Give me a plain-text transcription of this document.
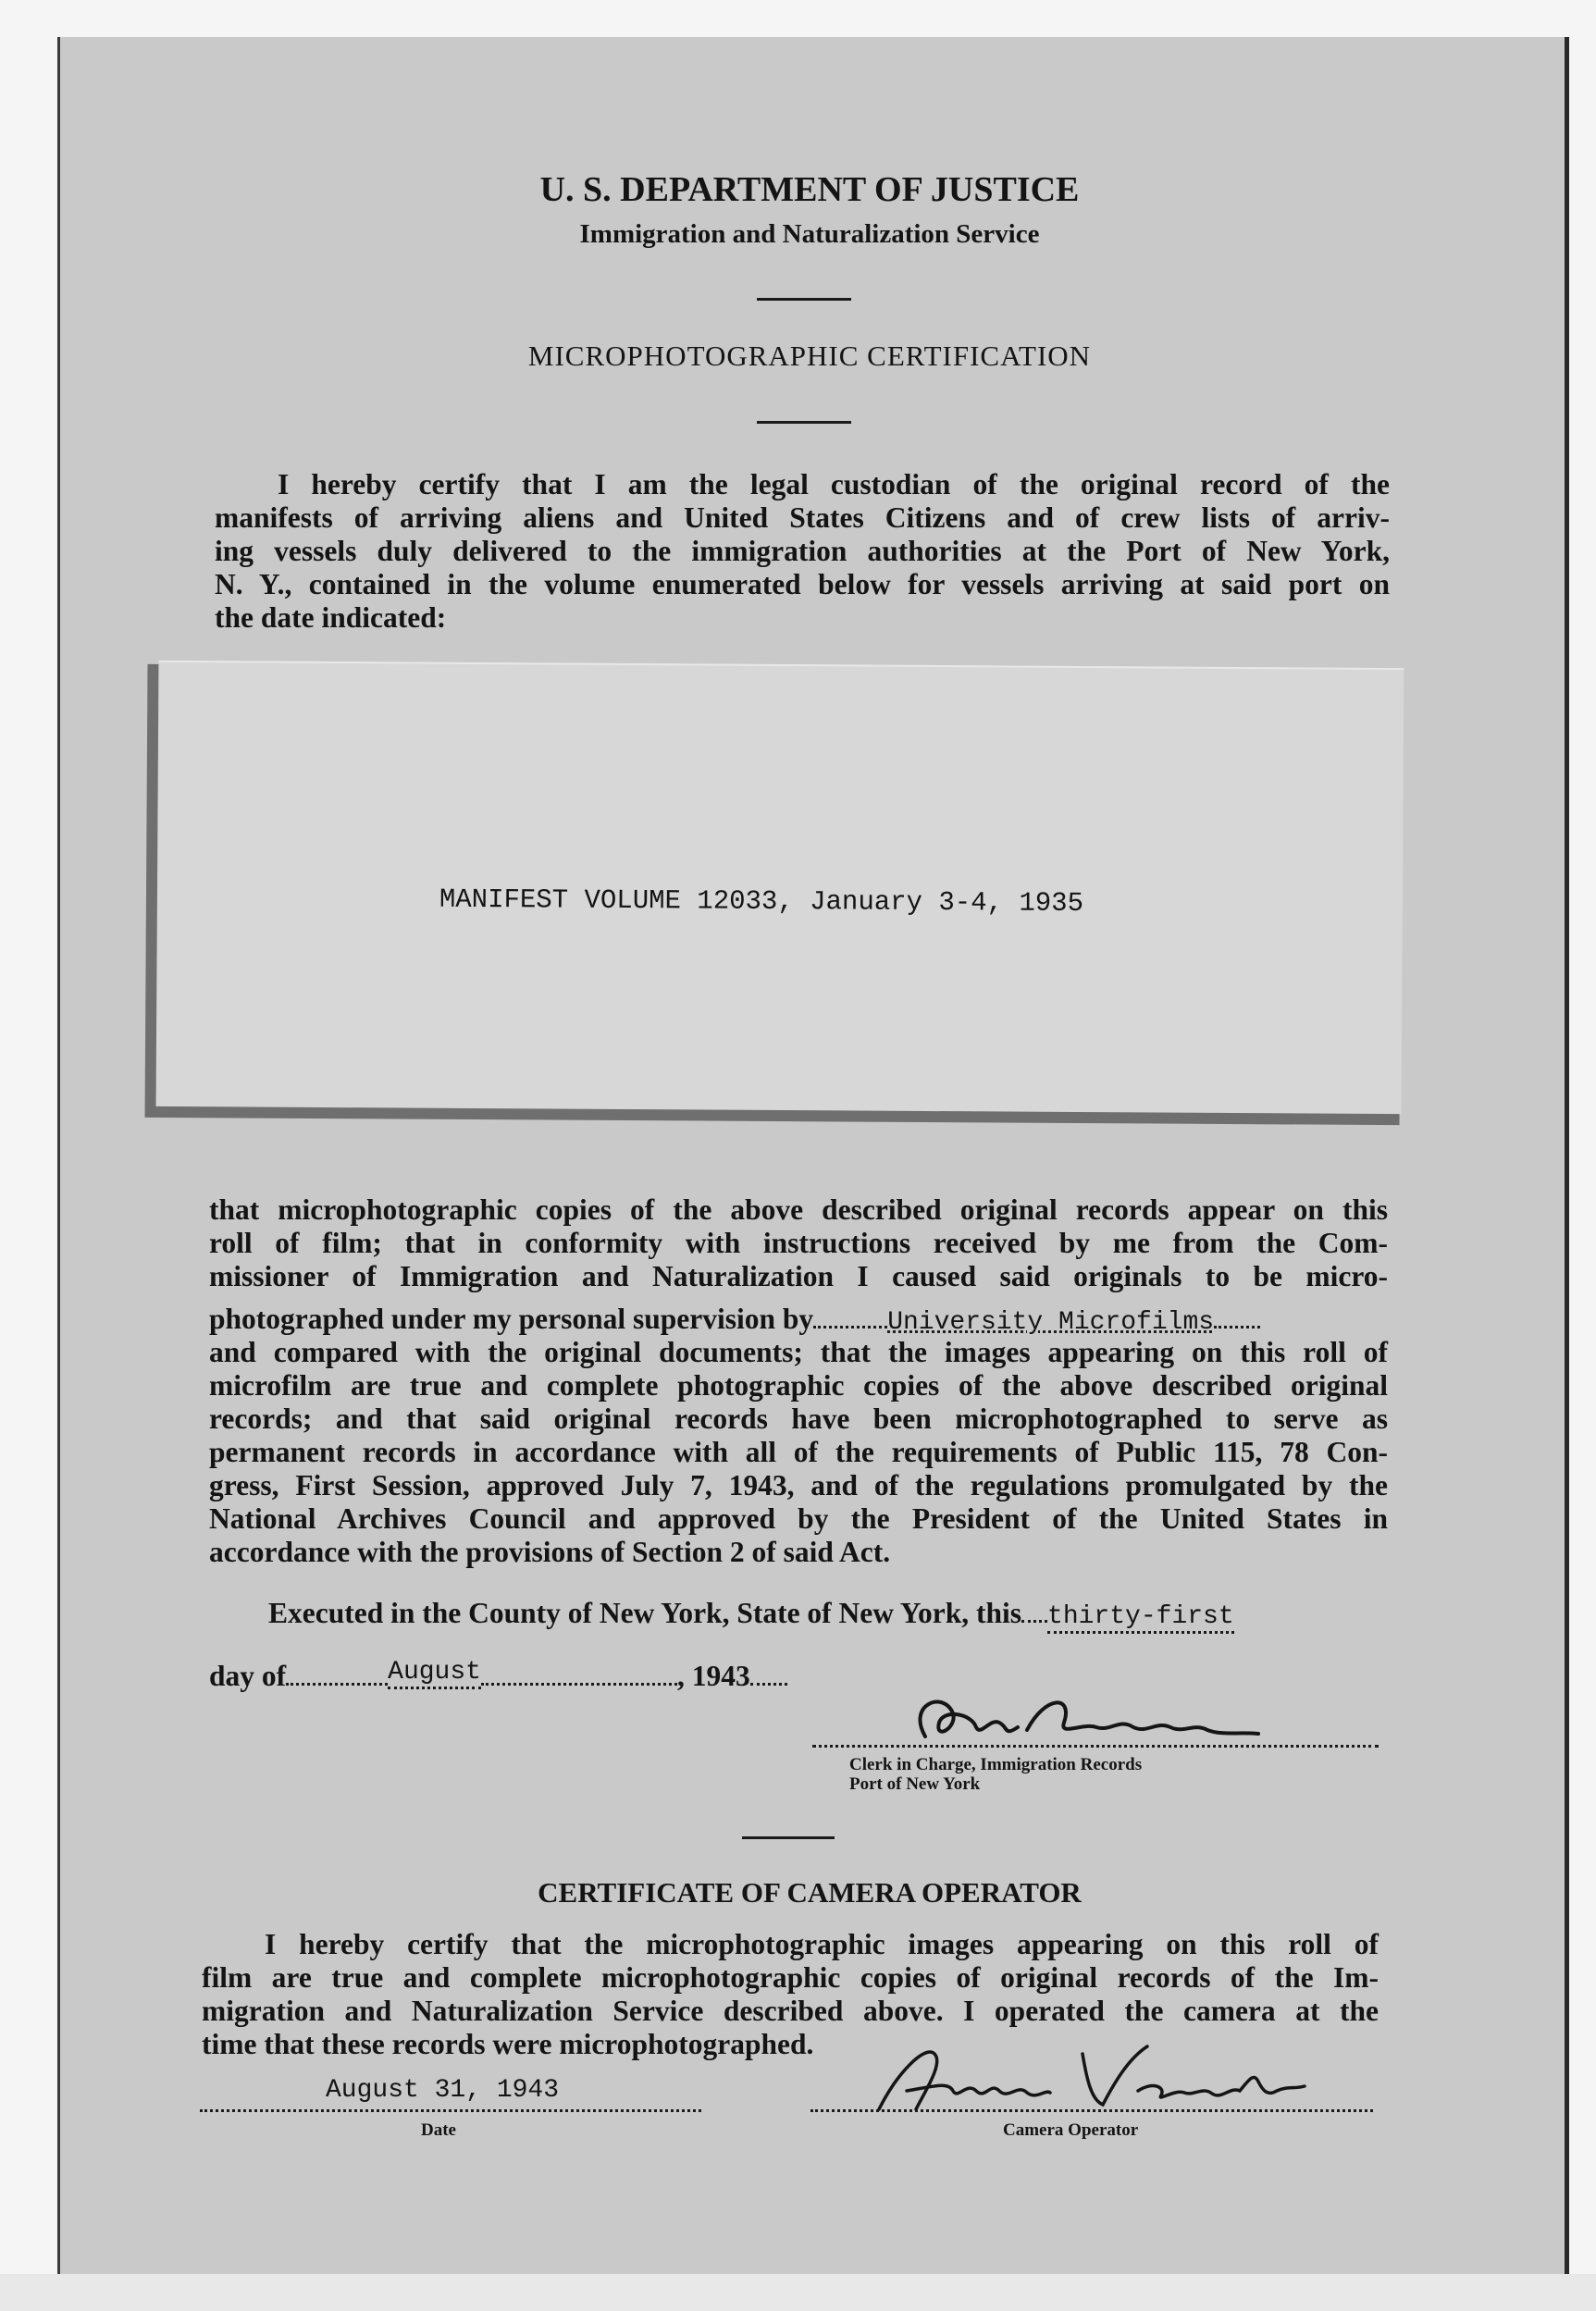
U. S. DEPARTMENT OF JUSTICE
Immigration and Naturalization Service
MICROPHOTOGRAPHIC CERTIFICATION
I hereby certify that I am the legal custodian of the original record of the
manifests of arriving aliens and United States Citizens and of crew lists of arriv-
ing vessels duly delivered to the immigration authorities at the Port of New York,
N. Y., contained in the volume enumerated below for vessels arriving at said port on
the date indicated:
MANIFEST VOLUME 12033, January 3-4, 1935
that microphotographic copies of the above described original records appear on this
roll of film; that in conformity with instructions received by me from the Com-
missioner of Immigration and Naturalization I caused said originals to be micro-
photographed under my personal supervision by	University Microfilms
and compared with the original documents; that the images appearing on this roll of
microfilm are true and complete photographic copies of the above described original
records; and that said original records have been microphotographed to serve as
permanent records in accordance with all of the requirements of Public 115, 78 Con-
gress, First Session, approved July 7, 1943, and of the regulations promulgated by the
National Archives Council and approved by the President of the United States in
accordance with the provisions of Section 2 of said Act.
Executed in the County of New York, State of New York, this thirty-first
day of	August	, 1943
Clerk in Charge, Immigration Records
Port of New York
CERTIFICATE OF CAMERA OPERATOR
I hereby certify that the microphotographic images appearing on this roll of
film are true and complete microphotographic copies of original records of the Im-
migration and Naturalization Service described above. I operated the camera at the
time that these records were microphotographed.
August 31, 1943
Date	Camera Operator
